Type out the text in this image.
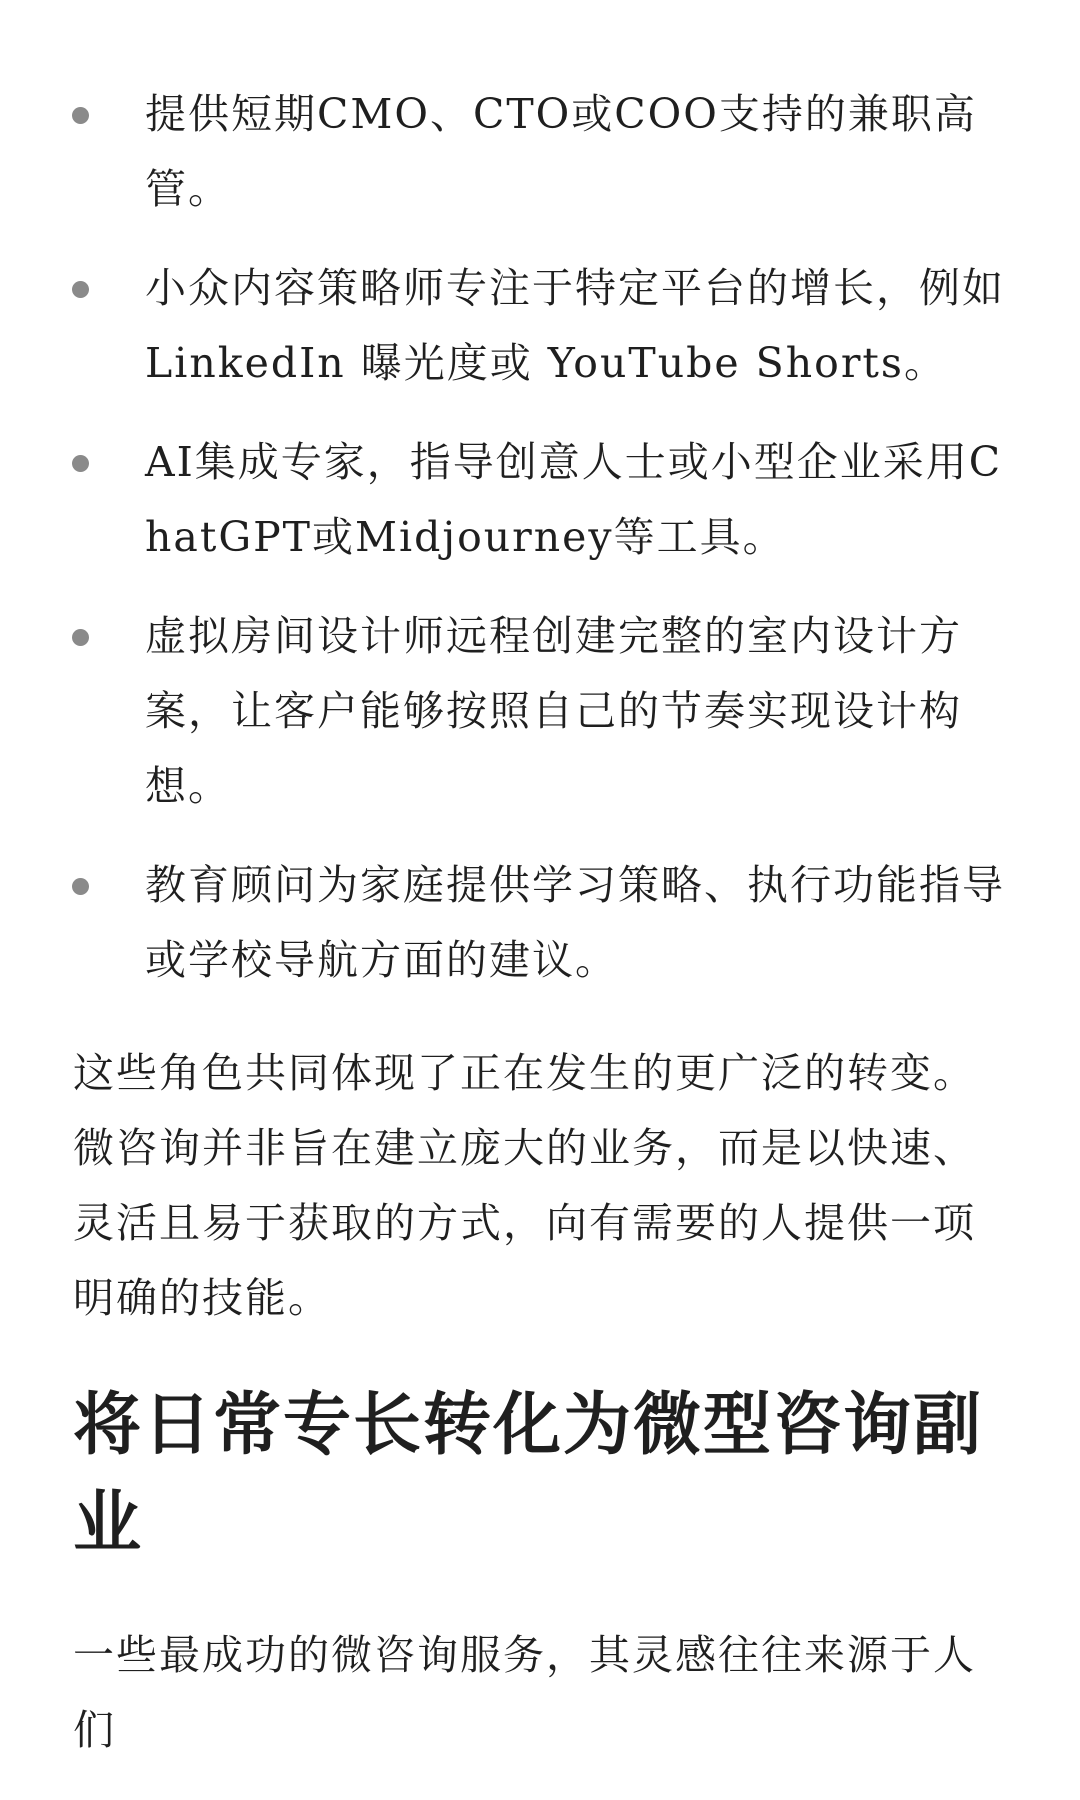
提供短期CMO、CTO或COO支持的兼职高管。
小众内容策略师专注于特定平台的增长，例如LinkedIn 曝光度或 YouTube Shorts。
AI集成专家，指导创意人士或小型企业采用ChatGPT或Midjourney等工具。
虚拟房间设计师远程创建完整的室内设计方案，让客户能够按照自己的节奏实现设计构想。
教育顾问为家庭提供学习策略、执行功能指导或学校导航方面的建议。

这些角色共同体现了正在发生的更广泛的转变。微咨询并非旨在建立庞大的业务，而是以快速、灵活且易于获取的方式，向有需要的人提供一项明确的技能。

将日常专长转化为微型咨询副业

一些最成功的微咨询服务，其灵感往往来源于人们
